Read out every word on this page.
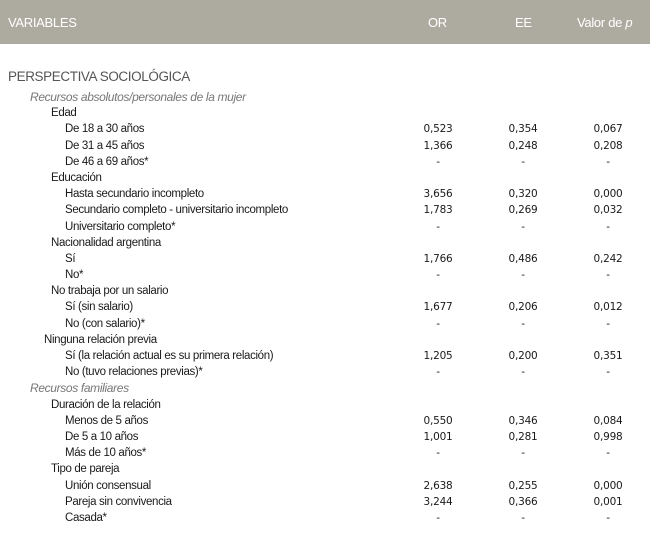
VARIABLES	OR	EE	Valor de p
PERSPECTIVA SOCIOLÓGICA
Recursos absolutos/personales de la mujer
Edad
De 18 a 30 años	0,523	0,354	0,067
De 31 a 45 años	1,366	0,248	0,208
De 46 a 69 años*	-	-	-
Educación
Hasta secundario incompleto	3,656	0,320	0,000
Secundario completo - universitario incompleto	1,783	0,269	0,032
Universitario completo*	-	-	-
Nacionalidad argentina
Sí	1,766	0,486	0,242
No*	-	-	-
No trabaja por un salario
Sí (sin salario)	1,677	0,206	0,012
No (con salario)*	-	-	-
Ninguna relación previa
Sí (la relación actual es su primera relación)	1,205	0,200	0,351
No (tuvo relaciones previas)*	-	-	-
Recursos familiares
Duración de la relación
Menos de 5 años	0,550	0,346	0,084
De 5 a 10 años	1,001	0,281	0,998
Más de 10 años*	-	-	-
Tipo de pareja
Unión consensual	2,638	0,255	0,000
Pareja sin convivencia	3,244	0,366	0,001
Casada*	-	-	-
